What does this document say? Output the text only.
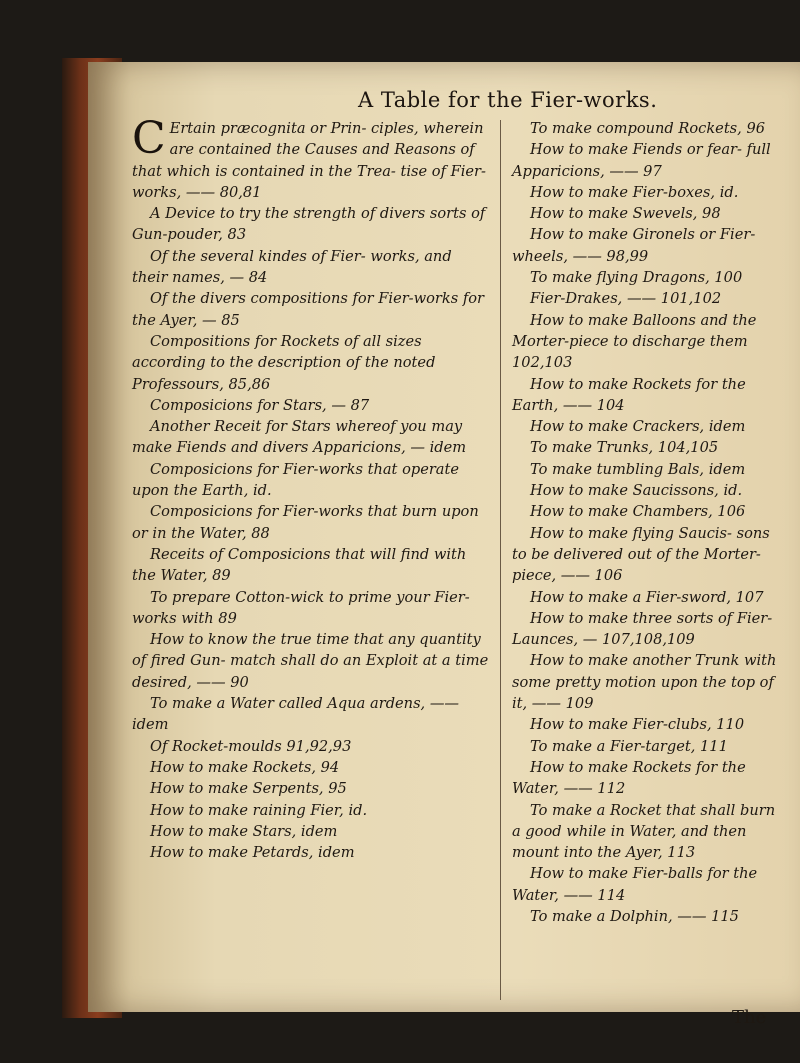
A Table for the Fier-works.

C Ertain præcognita or Prin- ciples, wherein are contained the Causes and Reasons of that which is contained in the Trea- tise of Fier-works, —— 80,81

A Device to try the strength of divers sorts of Gun-pouder, 83

Of the several kindes of Fier- works, and their names, — 84

Of the divers compositions for Fier-works for the Ayer, — 85

Compositions for Rockets of all sizes according to the description of the noted Professours, 85,86

Composicions for Stars, — 87

Another Receit for Stars whereof you may make Fiends and divers Apparicions, — idem

Composicions for Fier-works that operate upon the Earth, id.

Composicions for Fier-works that burn upon or in the Water, 88

Receits of Composicions that will find with the Water, 89

To prepare Cotton-wick to prime your Fier-works with 89

How to know the true time that any quantity of fired Gun- match shall do an Exploit at a time desired, —— 90

To make a Water called Aqua ardens, —— idem

Of Rocket-moulds 91,92,93

How to make Rockets, 94

How to make Serpents, 95

How to make raining Fier, id.

How to make Stars, idem

How to make Petards, idem

To make compound Rockets, 96

How to make Fiends or fear- full Apparicions, —— 97

How to make Fier-boxes, id.

How to make Swevels, 98

How to make Gironels or Fier- wheels, —— 98,99

To make flying Dragons, 100

Fier-Drakes, —— 101,102

How to make Balloons and the Morter-piece to discharge them 102,103

How to make Rockets for the Earth, —— 104

How to make Crackers, idem

To make Trunks, 104,105

To make tumbling Bals, idem

How to make Saucissons, id.

How to make Chambers, 106

How to make flying Saucis- sons to be delivered out of the Morter-piece, —— 106

How to make a Fier-sword, 107

How to make three sorts of Fier-Launces, — 107,108,109

How to make another Trunk with some pretty motion upon the top of it, —— 109

How to make Fier-clubs, 110

To make a Fier-target, 111

How to make Rockets for the Water, —— 112

To make a Rocket that shall burn a good while in Water, and then mount into the Ayer, 113

How to make Fier-balls for the Water, —— 114

To make a Dolphin, —— 115

The
